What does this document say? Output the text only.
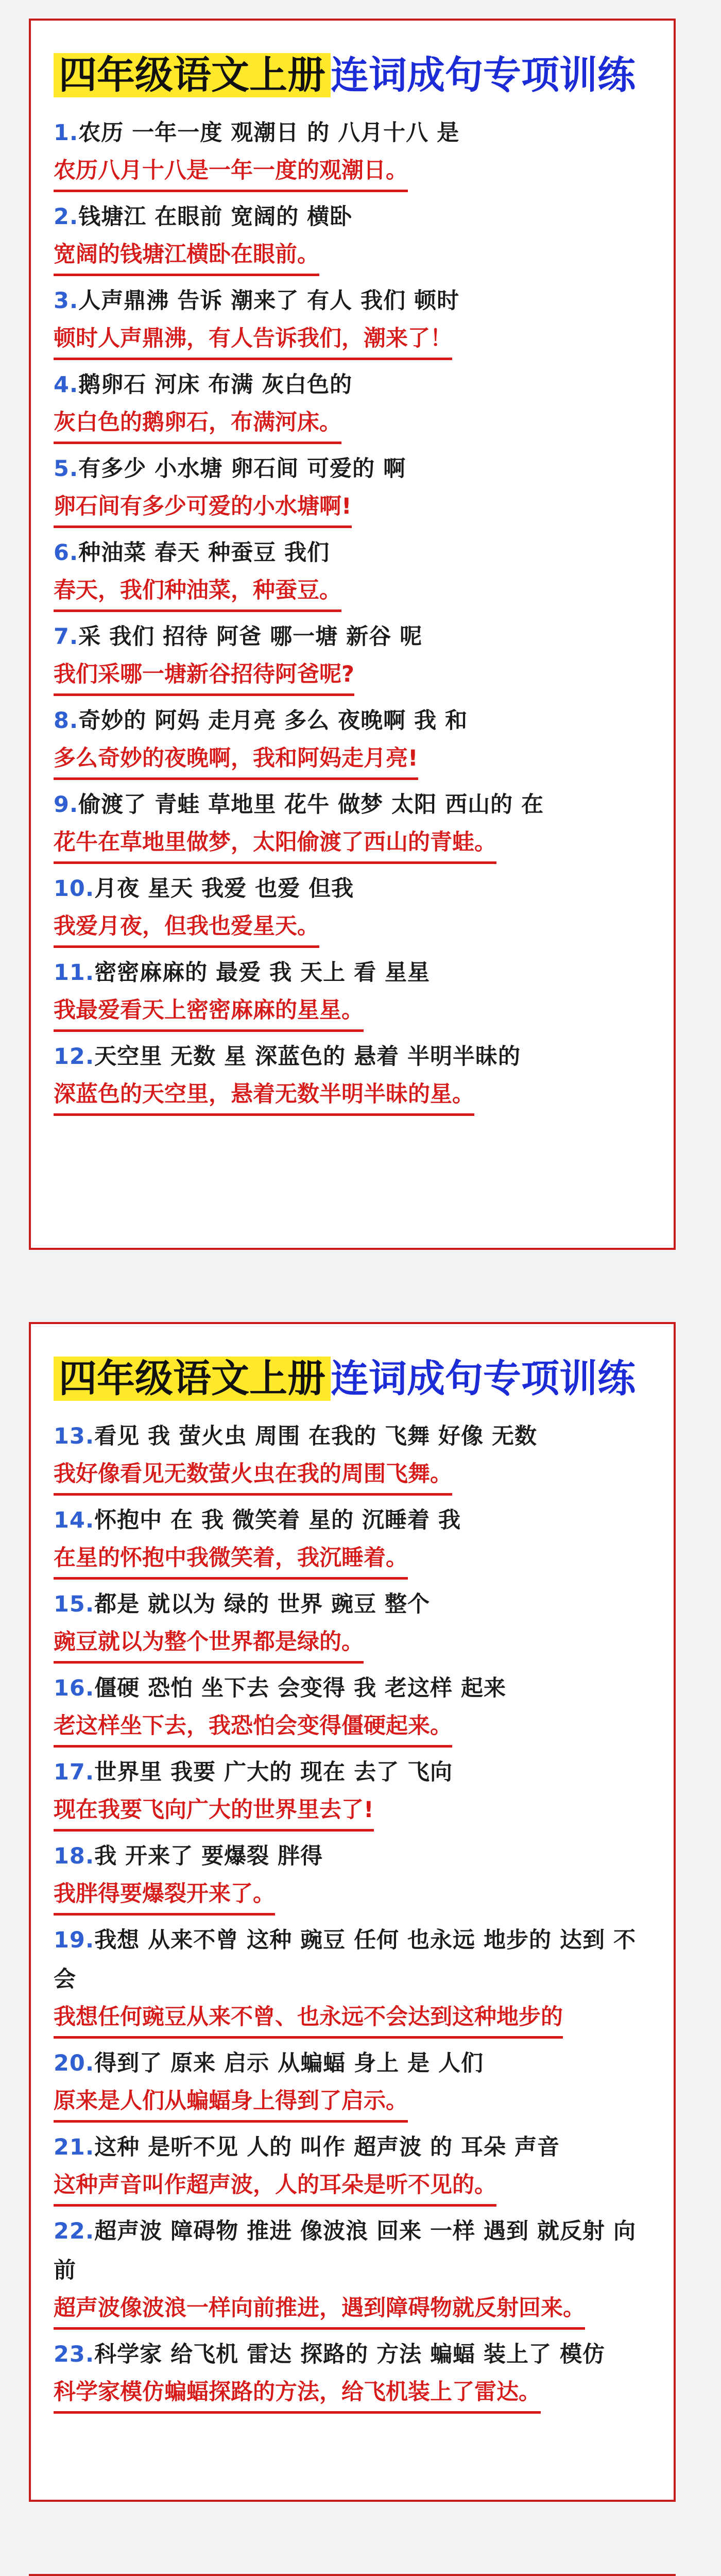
四年级语文上册 连词成句专项训练
1.农历 一年一度 观潮日 的 八月十八 是
农历八月十八是一年一度的观潮日。
2.钱塘江 在眼前 宽阔的 横卧
宽阔的钱塘江横卧在眼前。
3.人声鼎沸 告诉 潮来了 有人 我们 顿时
顿时人声鼎沸，有人告诉我们，潮来了！
4.鹅卵石 河床 布满 灰白色的
灰白色的鹅卵石，布满河床。
5.有多少 小水塘 卵石间 可爱的 啊
卵石间有多少可爱的小水塘啊!
6.种油菜 春天 种蚕豆 我们
春天，我们种油菜，种蚕豆。
7.采 我们 招待 阿爸 哪一塘 新谷 呢
我们采哪一塘新谷招待阿爸呢?
8.奇妙的 阿妈 走月亮 多么 夜晚啊 我 和
多么奇妙的夜晚啊，我和阿妈走月亮!
9.偷渡了 青蛙 草地里 花牛 做梦 太阳 西山的 在
花牛在草地里做梦，太阳偷渡了西山的青蛙。
10.月夜 星天 我爱 也爱 但我
我爱月夜，但我也爱星天。
11.密密麻麻的 最爱 我 天上 看 星星
我最爱看天上密密麻麻的星星。
12.天空里 无数 星 深蓝色的 悬着 半明半昧的
深蓝色的天空里，悬着无数半明半昧的星。
四年级语文上册 连词成句专项训练
13.看见 我 萤火虫 周围 在我的 飞舞 好像 无数
我好像看见无数萤火虫在我的周围飞舞。
14.怀抱中 在 我 微笑着 星的 沉睡着 我
在星的怀抱中我微笑着，我沉睡着。
15.都是 就以为 绿的 世界 豌豆 整个
豌豆就以为整个世界都是绿的。
16.僵硬 恐怕 坐下去 会变得 我 老这样 起来
老这样坐下去，我恐怕会变得僵硬起来。
17.世界里 我要 广大的 现在 去了 飞向
现在我要飞向广大的世界里去了!
18.我 开来了 要爆裂 胖得
我胖得要爆裂开来了。
19.我想 从来不曾 这种 豌豆 任何 也永远 地步的 达到 不会
我想任何豌豆从来不曾、也永远不会达到这种地步的
20.得到了 原来 启示 从蝙蝠 身上 是 人们
原来是人们从蝙蝠身上得到了启示。
21.这种 是听不见 人的 叫作 超声波 的 耳朵 声音
这种声音叫作超声波，人的耳朵是听不见的。
22.超声波 障碍物 推进 像波浪 回来 一样 遇到 就反射 向 前
超声波像波浪一样向前推进，遇到障碍物就反射回来。
23.科学家 给飞机 雷达 探路的 方法 蝙蝠 装上了 模仿
科学家模仿蝙蝠探路的方法，给飞机装上了雷达。
